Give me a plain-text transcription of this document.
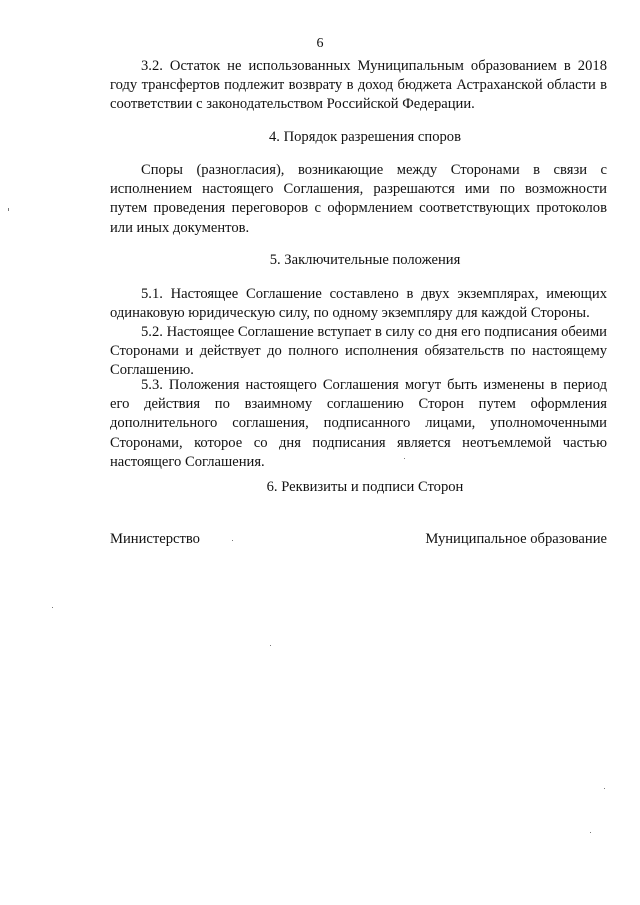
6

3.2. Остаток не использованных Муниципальным образованием в 2018 году трансфертов подлежит возврату в доход бюджета Астраханской области в соответствии с законодательством Российской Федерации.

4. Порядок разрешения споров

Споры (разногласия), возникающие между Сторонами в связи с исполнением настоящего Соглашения, разрешаются ими по возможности путем проведения переговоров с оформлением соответствующих протоколов или иных документов.

5. Заключительные положения

5.1. Настоящее Соглашение составлено в двух экземплярах, имеющих одинаковую юридическую силу, по одному экземпляру для каждой Стороны.

5.2. Настоящее Соглашение вступает в силу со дня его подписания обеими Сторонами и действует до полного исполнения обязательств по настоящему Соглашению.

5.3. Положения настоящего Соглашения могут быть изменены в период его действия по взаимному соглашению Сторон путем оформления дополнительного соглашения, подписанного лицами, уполномоченными Сторонами, которое со дня подписания является неотъемлемой частью настоящего Соглашения.

6. Реквизиты и подписи Сторон

Министерство	Муниципальное образование
